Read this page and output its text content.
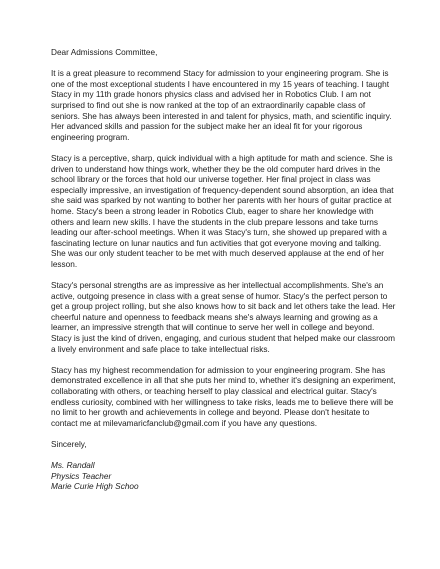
Dear Admissions Committee,

It is a great pleasure to recommend Stacy for admission to your engineering program. She is one of the most exceptional students I have encountered in my 15 years of teaching. I taught Stacy in my 11th grade honors physics class and advised her in Robotics Club. I am not surprised to find out she is now ranked at the top of an extraordinarily capable class of seniors. She has always been interested in and talent for physics, math, and scientific inquiry. Her advanced skills and passion for the subject make her an ideal fit for your rigorous engineering program.

Stacy is a perceptive, sharp, quick individual with a high aptitude for math and science. She is driven to understand how things work, whether they be the old computer hard drives in the school library or the forces that hold our universe together. Her final project in class was especially impressive, an investigation of frequency-dependent sound absorption, an idea that she said was sparked by not wanting to bother her parents with her hours of guitar practice at home. Stacy's been a strong leader in Robotics Club, eager to share her knowledge with others and learn new skills. I have the students in the club prepare lessons and take turns leading our after-school meetings. When it was Stacy's turn, she showed up prepared with a fascinating lecture on lunar nautics and fun activities that got everyone moving and talking. She was our only student teacher to be met with much deserved applause at the end of her lesson.

Stacy's personal strengths are as impressive as her intellectual accomplishments. She's an active, outgoing presence in class with a great sense of humor. Stacy's the perfect person to get a group project rolling, but she also knows how to sit back and let others take the lead. Her cheerful nature and openness to feedback means she's always learning and growing as a learner, an impressive strength that will continue to serve her well in college and beyond. Stacy is just the kind of driven, engaging, and curious student that helped make our classroom a lively environment and safe place to take intellectual risks.

Stacy has my highest recommendation for admission to your engineering program. She has demonstrated excellence in all that she puts her mind to, whether it's designing an experiment, collaborating with others, or teaching herself to play classical and electrical guitar. Stacy's endless curiosity, combined with her willingness to take risks, leads me to believe there will be no limit to her growth and achievements in college and beyond. Please don't hesitate to contact me at milevamaricfanclub@gmail.com if you have any questions.

Sincerely,

Ms. Randall
Physics Teacher
Marie Curie High Schoo
